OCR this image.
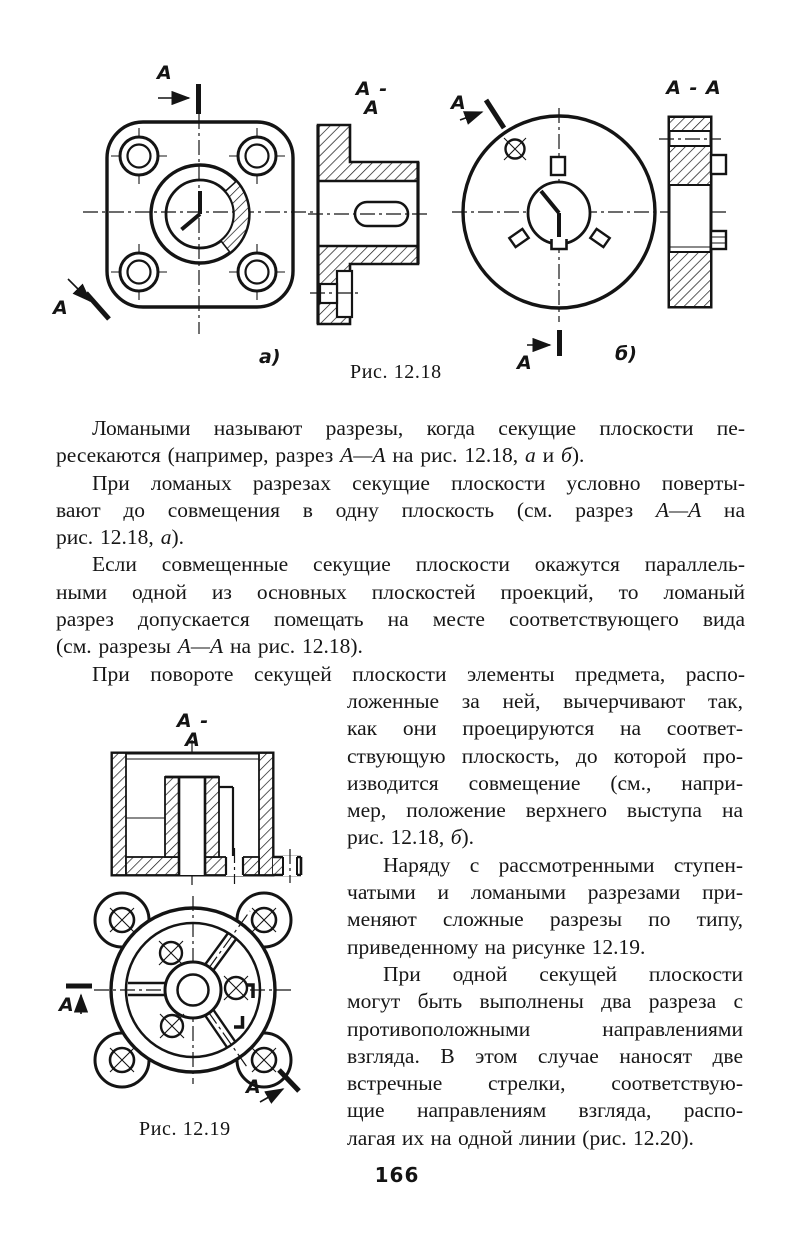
А
А
А
А
А - А
А - А
а)	б)
Рис. 12.18
Ломаными называют разрезы, когда секущие плоскости пе-
ресекаются (например, разрез А—А на рис. 12.18, а и б).
При ломаных разрезах секущие плоскости условно поверты-
вают до совмещения в одну плоскость (см. разрез А—А на
рис. 12.18, а).
Если совмещенные секущие плоскости окажутся параллель-
ными одной из основных плоскостей проекций, то ломаный
разрез допускается помещать на месте соответствующего вида
(см. разрезы А—А на рис. 12.18).
При повороте секущей плоскости элементы предмета, распо-
ложенные за ней, вычерчивают так,
как они проецируются на соответ-
ствующую плоскость, до которой про-
изводится совмещение (см., напри-
мер, положение верхнего выступа на
рис. 12.18, б).
Наряду с рассмотренными ступен-
чатыми и ломаными разрезами при-
меняют сложные разрезы по типу,
приведенному на рисунке 12.19.
При одной секущей плоскости
могут быть выполнены два разреза с
противоположными направлениями
взгляда. В этом случае наносят две
встречные стрелки, соответствую-
щие направлениям взгляда, распо-
лагая их на одной линии (рис. 12.20).
А - А
А
А
Рис. 12.19
166
